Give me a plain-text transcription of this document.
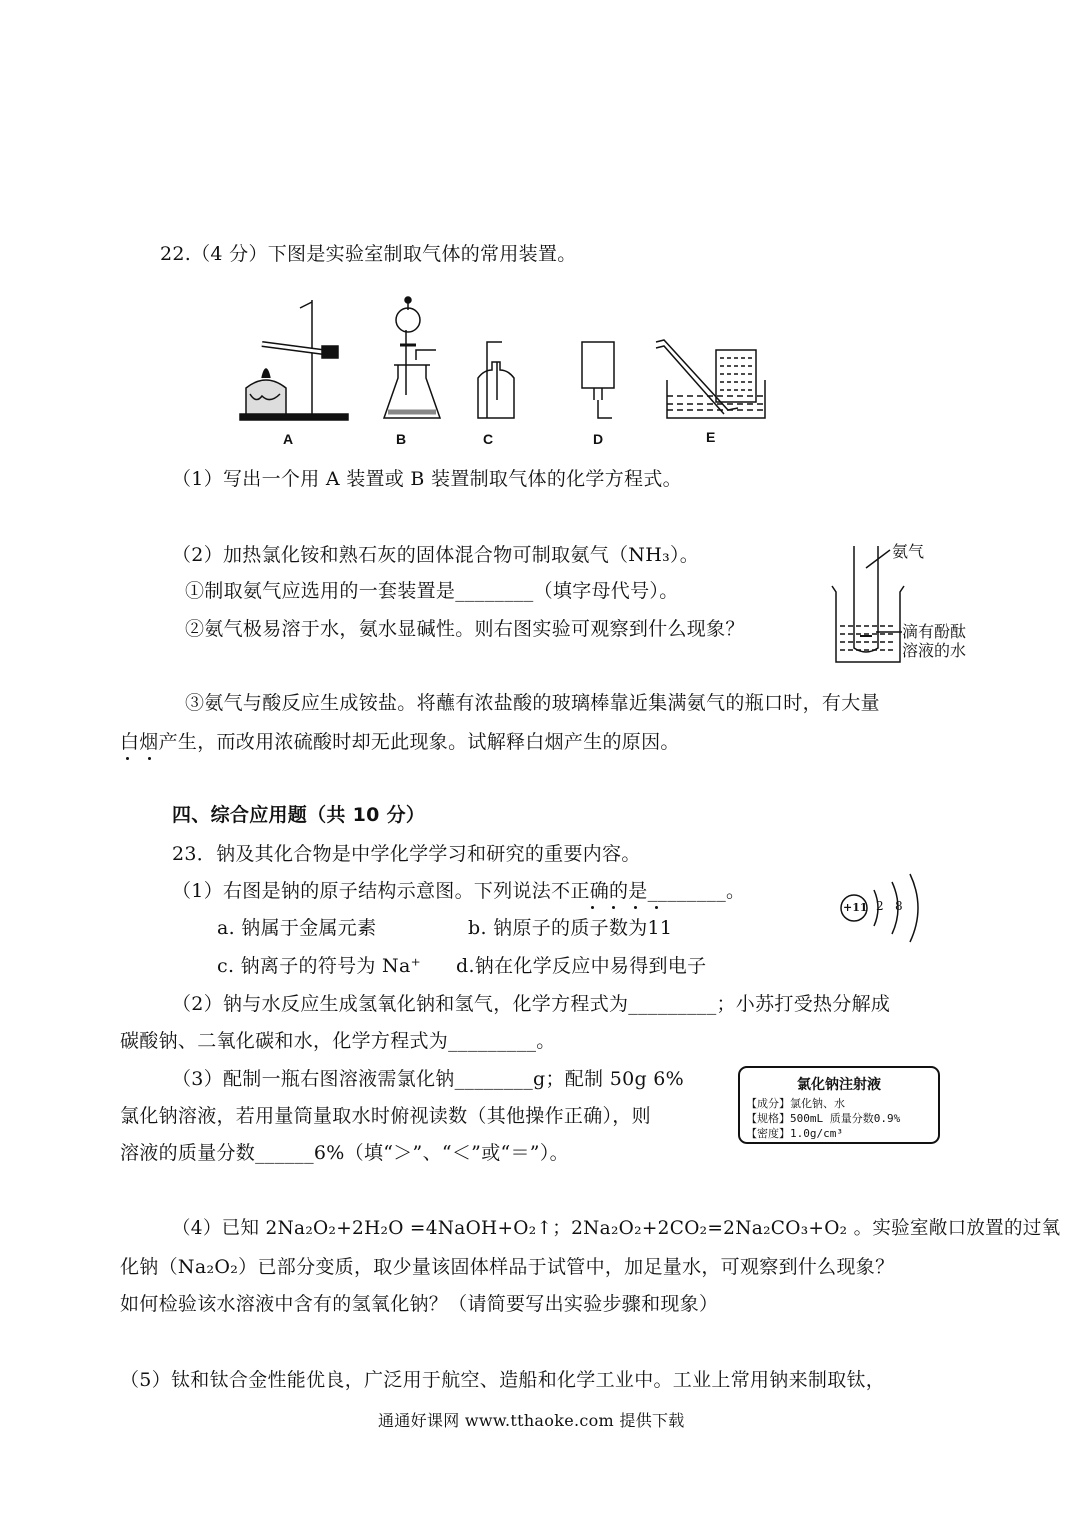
22.（4 分）下图是实验室制取气体的常用装置。
A	B	C	D	E
（1）写出一个用 A 装置或 B 装置制取气体的化学方程式。
（2）加热氯化铵和熟石灰的固体混合物可制取氨气（NH₃）。
①制取氨气应选用的一套装置是________（填字母代号）。
②氨气极易溶于水，氨水显碱性。则右图实验可观察到什么现象？
氨气
滴有酚酞
溶液的水
③氨气与酸反应生成铵盐。将蘸有浓盐酸的玻璃棒靠近集满氨气的瓶口时，有大量
白烟产生，而改用浓硫酸时却无此现象。试解释白烟产生的原因。
四、综合应用题（共 10 分）
23．钠及其化合物是中学化学学习和研究的重要内容。
（1）右图是钠的原子结构示意图。下列说法不正确的是________。
+11 2 8
a. 钠属于金属元素	b. 钠原子的质子数为11
c. 钠离子的符号为 Na⁺ d.钠在化学反应中易得到电子
（2）钠与水反应生成氢氧化钠和氢气，化学方程式为_________；小苏打受热分解成
碳酸钠、二氧化碳和水，化学方程式为_________。
（3）配制一瓶右图溶液需氯化钠________g；配制 50g 6%
氯化钠溶液，若用量筒量取水时俯视读数（其他操作正确），则
溶液的质量分数______6%（填“＞”、“＜”或“＝”）。
氯化钠注射液
【成分】氯化钠、水
【规格】500mL 质量分数0.9%
【密度】1.0g/cm³
（4）已知 2Na₂O₂+2H₂O =4NaOH+O₂↑；2Na₂O₂+2CO₂=2Na₂CO₃+O₂ 。实验室敞口放置的过氧
化钠（Na₂O₂）已部分变质，取少量该固体样品于试管中，加足量水，可观察到什么现象？
如何检验该水溶液中含有的氢氧化钠？（请简要写出实验步骤和现象）
（5）钛和钛合金性能优良，广泛用于航空、造船和化学工业中。工业上常用钠来制取钛，
通通好课网 www.tthaoke.com 提供下载
